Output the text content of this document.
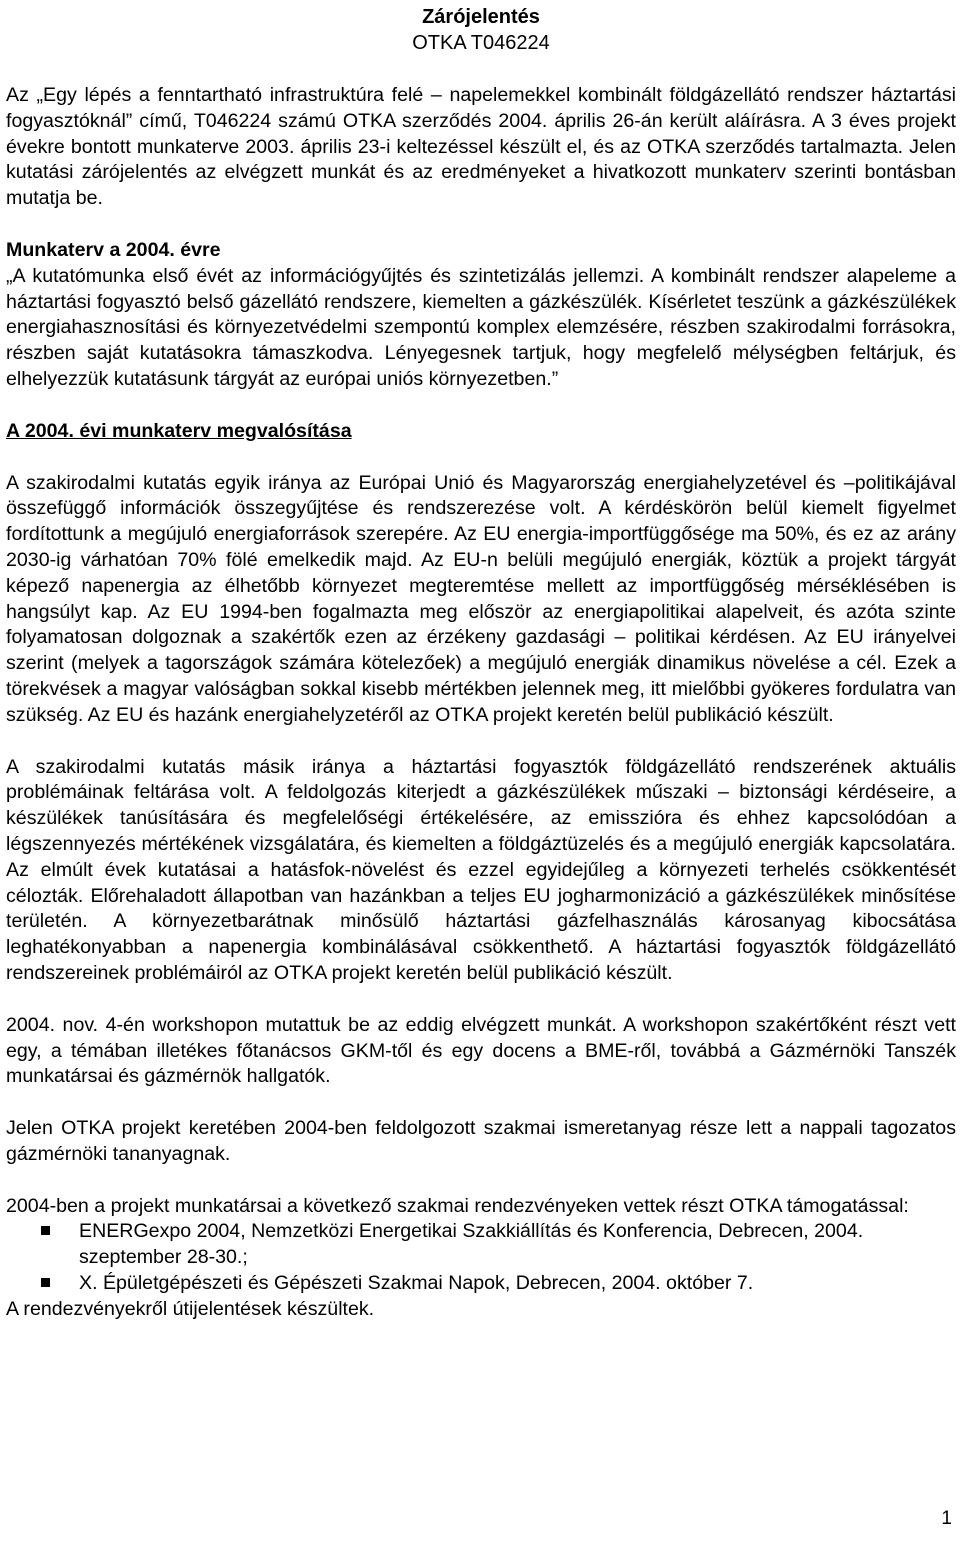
Zárójelentés
OTKA T046224

Az „Egy lépés a fenntartható infrastruktúra felé – napelemekkel kombinált földgázellátó rendszer háztartási fogyasztóknál” című, T046224 számú OTKA szerződés 2004. április 26-án került aláírásra. A 3 éves projekt évekre bontott munkaterve 2003. április 23-i keltezéssel készült el, és az OTKA szerződés tartalmazta. Jelen kutatási zárójelentés az elvégzett munkát és az eredményeket a hivatkozott munkaterv szerinti bontásban mutatja be.

Munkaterv a 2004. évre

„A kutatómunka első évét az információgyűjtés és szintetizálás jellemzi. A kombinált rendszer alapeleme a háztartási fogyasztó belső gázellátó rendszere, kiemelten a gázkészülék. Kísérletet teszünk a gázkészülékek energiahasznosítási és környezetvédelmi szempontú komplex elemzésére, részben szakirodalmi forrásokra, részben saját kutatásokra támaszkodva. Lényegesnek tartjuk, hogy megfelelő mélységben feltárjuk, és elhelyezzük kutatásunk tárgyát az európai uniós környezetben.”

A 2004. évi munkaterv megvalósítása

A szakirodalmi kutatás egyik iránya az Európai Unió és Magyarország energiahelyzetével és –politikájával összefüggő információk összegyűjtése és rendszerezése volt. A kérdéskörön belül kiemelt figyelmet fordítottunk a megújuló energiaforrások szerepére. Az EU energia-importfüggősége ma 50%, és ez az arány 2030-ig várhatóan 70% fölé emelkedik majd. Az EU-n belüli megújuló energiák, köztük a projekt tárgyát képező napenergia az élhetőbb környezet megteremtése mellett az importfüggőség mérséklésében is hangsúlyt kap. Az EU 1994-ben fogalmazta meg először az energiapolitikai alapelveit, és azóta szinte folyamatosan dolgoznak a szakértők ezen az érzékeny gazdasági – politikai kérdésen. Az EU irányelvei szerint (melyek a tagországok számára kötelezőek) a megújuló energiák dinamikus növelése a cél. Ezek a törekvések a magyar valóságban sokkal kisebb mértékben jelennek meg, itt mielőbbi gyökeres fordulatra van szükség. Az EU és hazánk energiahelyzetéről az OTKA projekt keretén belül publikáció készült.

A szakirodalmi kutatás másik iránya a háztartási fogyasztók földgázellátó rendszerének aktuális problémáinak feltárása volt. A feldolgozás kiterjedt a gázkészülékek műszaki – biztonsági kérdéseire, a készülékek tanúsítására és megfelelőségi értékelésére, az emisszióra és ehhez kapcsolódóan a légszennyezés mértékének vizsgálatára, és kiemelten a földgáztüzelés és a megújuló energiák kapcsolatára. Az elmúlt évek kutatásai a hatásfok-növelést és ezzel egyidejűleg a környezeti terhelés csökkentését célozták. Előrehaladott állapotban van hazánkban a teljes EU jogharmonizáció a gázkészülékek minősítése területén. A környezetbarátnak minősülő háztartási gázfelhasználás károsanyag kibocsátása leghatékonyabban a napenergia kombinálásával csökkenthető. A háztartási fogyasztók földgázellátó rendszereinek problémáiról az OTKA projekt keretén belül publikáció készült.

2004. nov. 4-én workshopon mutattuk be az eddig elvégzett munkát. A workshopon szakértőként részt vett egy, a témában illetékes főtanácsos GKM-től és egy docens a BME-ről, továbbá a Gázmérnöki Tanszék munkatársai és gázmérnök hallgatók.

Jelen OTKA projekt keretében 2004-ben feldolgozott szakmai ismeretanyag része lett a nappali tagozatos gázmérnöki tananyagnak.

2004-ben a projekt munkatársai a következő szakmai rendezvényeken vettek részt OTKA támogatással:

ENERGexpo 2004, Nemzetközi Energetikai Szakkiállítás és Konferencia, Debrecen, 2004. szeptember 28-30.;
X. Épületgépészeti és Gépészeti Szakmai Napok, Debrecen, 2004. október 7.

A rendezvényekről útijelentések készültek.

1
